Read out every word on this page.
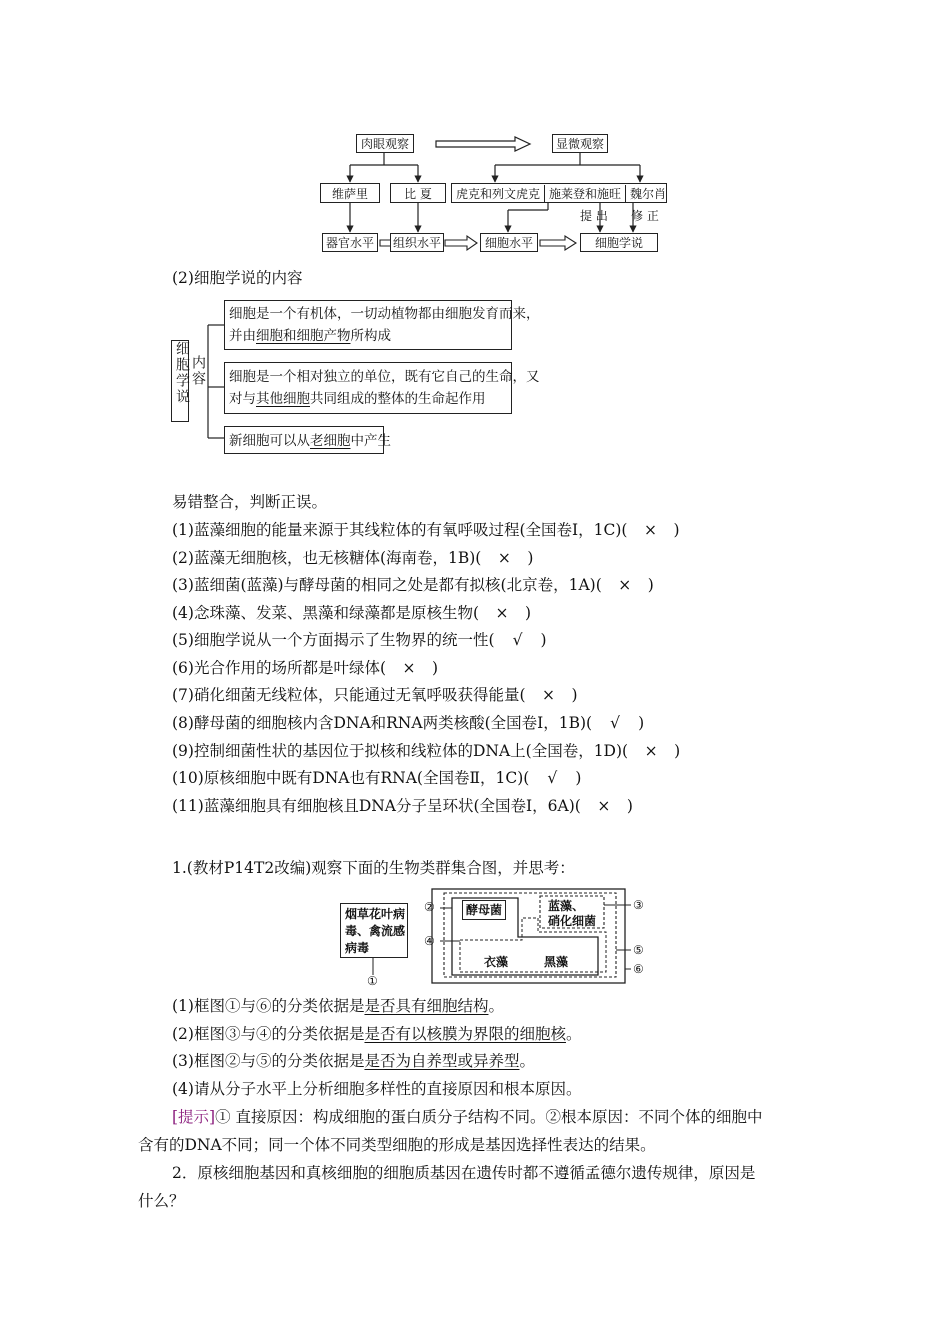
肉眼观察	显微观察
维萨里	比 夏	虎克和列文虎克 施莱登和施旺 魏尔肖
提 出 修 正
器官水平	组织水平	细胞水平	细胞学说
(2)细胞学说的内容
细胞学说 内容
细胞是一个有机体，一切动植物都由细胞发育而来，
并由细胞和细胞产物所构成
细胞是一个相对独立的单位，既有它自己的生命，又
对与其他细胞共同组成的整体的生命起作用
新细胞可以从老细胞中产生
易错整合，判断正误。
(1)蓝藻细胞的能量来源于其线粒体的有氧呼吸过程(全国卷Ⅰ，1C)( × )
(2)蓝藻无细胞核，也无核糖体(海南卷，1B)( × )
(3)蓝细菌(蓝藻)与酵母菌的相同之处是都有拟核(北京卷，1A)( × )
(4)念珠藻、发菜、黑藻和绿藻都是原核生物( × )
(5)细胞学说从一个方面揭示了生物界的统一性( √ )
(6)光合作用的场所都是叶绿体( × )
(7)硝化细菌无线粒体，只能通过无氧呼吸获得能量( × )
(8)酵母菌的细胞核内含DNA和RNA两类核酸(全国卷Ⅰ，1B)( √ )
(9)控制细菌性状的基因位于拟核和线粒体的DNA上(全国卷，1D)( × )
(10)原核细胞中既有DNA也有RNA(全国卷Ⅱ，1C)( √ )
(11)蓝藻细胞具有细胞核且DNA分子呈环状(全国卷Ⅰ，6A)( × )
1.(教材P14T2改编)观察下面的生物类群集合图，并思考：
烟草花叶病
毒、禽流感
病毒
①
②
④
③
⑤
⑥
酵母菌	蓝藻、
硝化细菌
衣藻	黑藻
(1)框图①与⑥的分类依据是是否具有细胞结构。
(2)框图③与④的分类依据是是否有以核膜为界限的细胞核。
(3)框图②与⑤的分类依据是是否为自养型或异养型。
(4)请从分子水平上分析细胞多样性的直接原因和根本原因。
[提示]① 直接原因：构成细胞的蛋白质分子结构不同。②根本原因：不同个体的细胞中
含有的DNA不同；同一个体不同类型细胞的形成是基因选择性表达的结果。
2．原核细胞基因和真核细胞的细胞质基因在遗传时都不遵循孟德尔遗传规律，原因是
什么？
